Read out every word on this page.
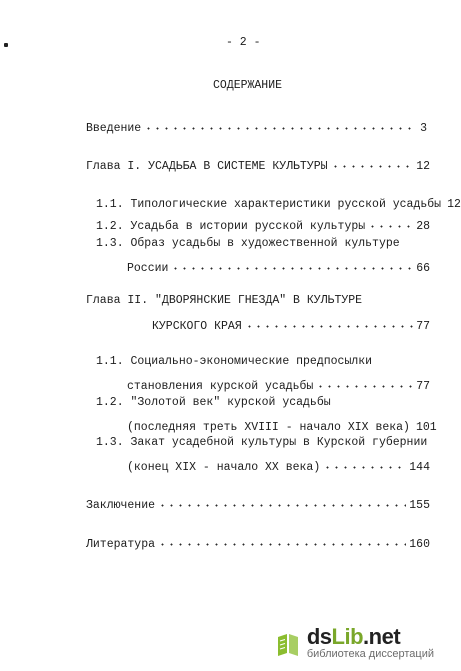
- 2 -
СОДЕРЖАНИЕ
Введение	3
Глава I. УСАДЬБА В СИСТЕМЕ КУЛЬТУРЫ	12
1.1. Типологические характеристики русской усадьбы 12
1.2. Усадьба в истории русской культуры	28
1.3. Образ усадьбы в художественной культуре
России	66
Глава II. "ДВОРЯНСКИЕ ГНЕЗДА" В КУЛЬТУРЕ
КУРСКОГО КРАЯ	77
1.1. Социально-экономические предпосылки
становления курской усадьбы	77
1.2. "Золотой век" курской усадьбы
(последняя треть XVIII - начало XIX века) 101
1.3. Закат усадебной культуры в Курской губернии
(конец XIX - начало XX века)	144
Заключение	155
Литература	160
dsLib.net
библиотека диссертаций
